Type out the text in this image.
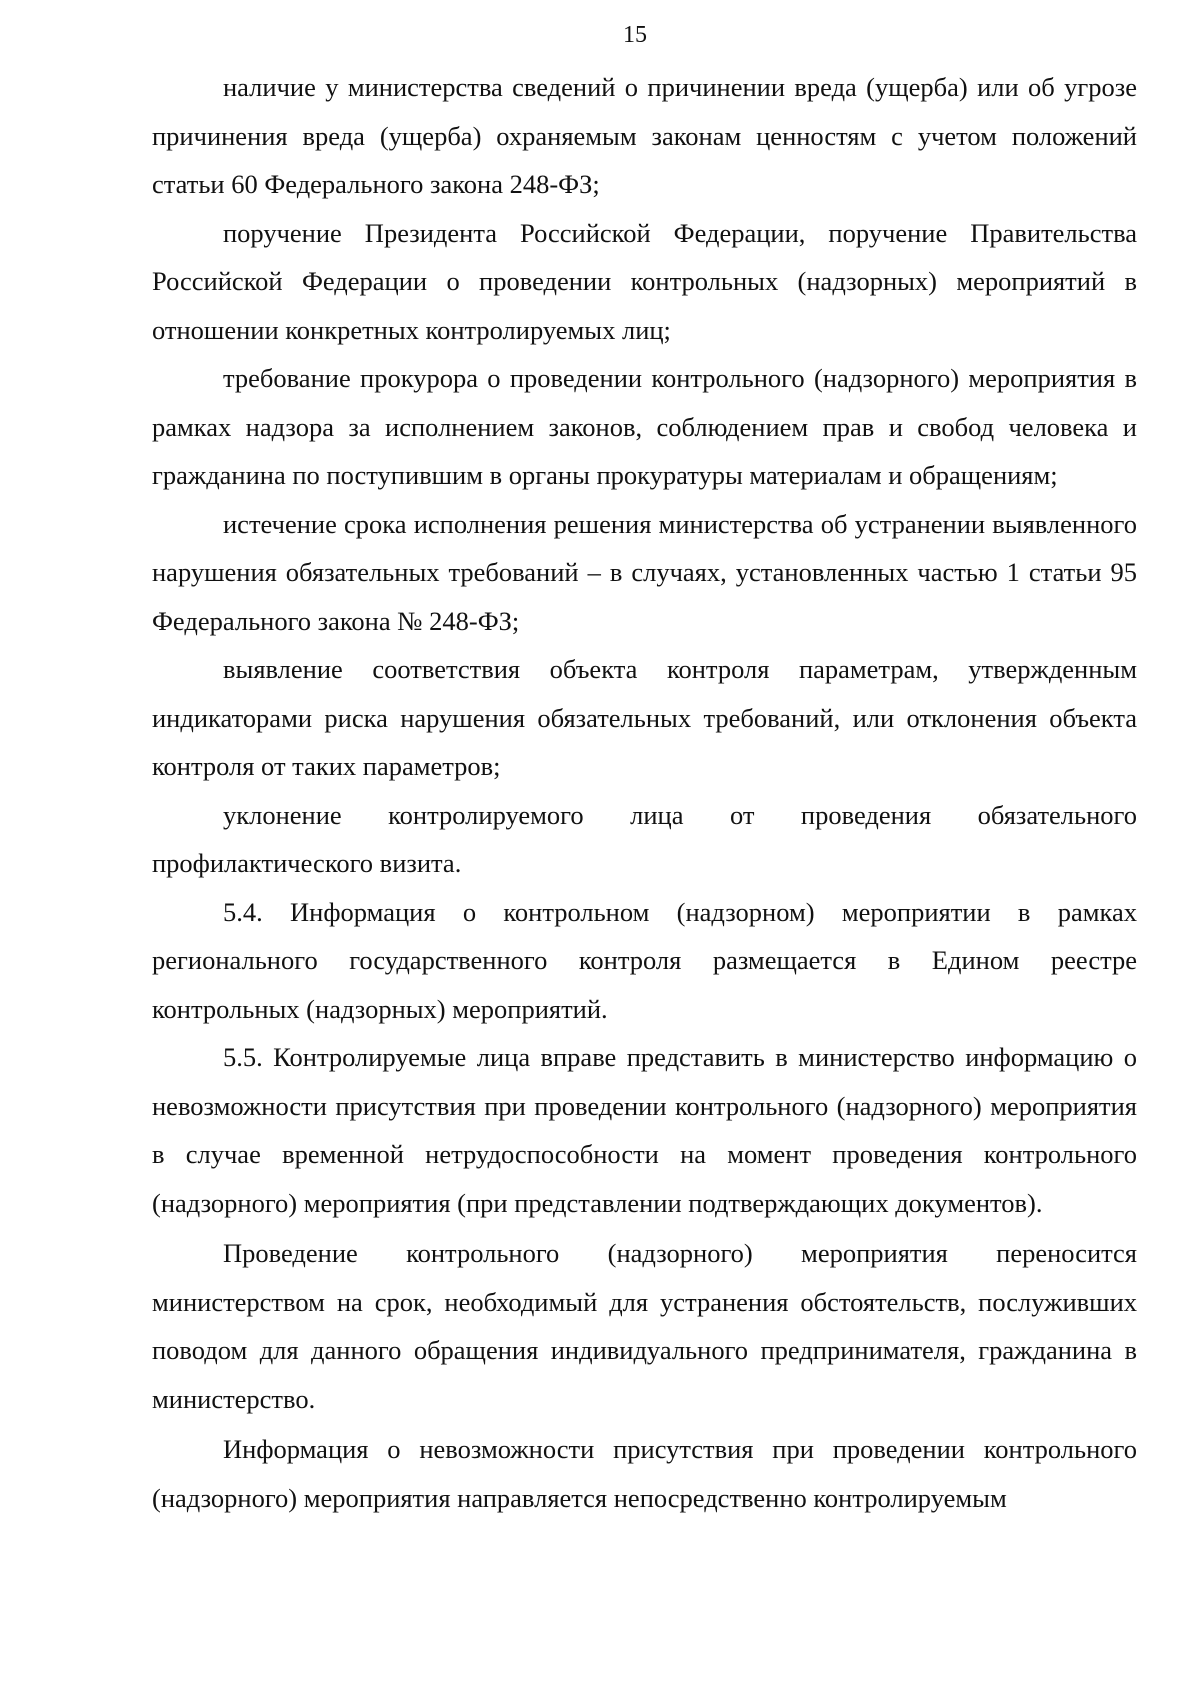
15

наличие у министерства сведений о причинении вреда (ущерба) или об угрозе причинения вреда (ущерба) охраняемым законам ценностям с учетом положений статьи 60 Федерального закона 248-ФЗ;

поручение Президента Российской Федерации, поручение Правительства Российской Федерации о проведении контрольных (надзорных) мероприятий в отношении конкретных контролируемых лиц;

требование прокурора о проведении контрольного (надзорного) мероприятия в рамках надзора за исполнением законов, соблюдением прав и свобод человека и гражданина по поступившим в органы прокуратуры материалам и обращениям;

истечение срока исполнения решения министерства об устранении выявленного нарушения обязательных требований – в случаях, установленных частью 1 статьи 95 Федерального закона № 248-ФЗ;

выявление соответствия объекта контроля параметрам, утвержденным индикаторами риска нарушения обязательных требований, или отклонения объекта контроля от таких параметров;

уклонение контролируемого лица от проведения обязательного профилактического визита.

5.4. Информация о контрольном (надзорном) мероприятии в рамках регионального государственного контроля размещается в Едином реестре контрольных (надзорных) мероприятий.

5.5. Контролируемые лица вправе представить в министерство информацию о невозможности присутствия при проведении контрольного (надзорного) мероприятия в случае временной нетрудоспособности на момент проведения контрольного (надзорного) мероприятия (при представлении подтверждающих документов).

Проведение контрольного (надзорного) мероприятия переносится министерством на срок, необходимый для устранения обстоятельств, послуживших поводом для данного обращения индивидуального предпринимателя, гражданина в министерство.

Информация о невозможности присутствия при проведении контрольного (надзорного) мероприятия направляется непосредственно контролируемым
